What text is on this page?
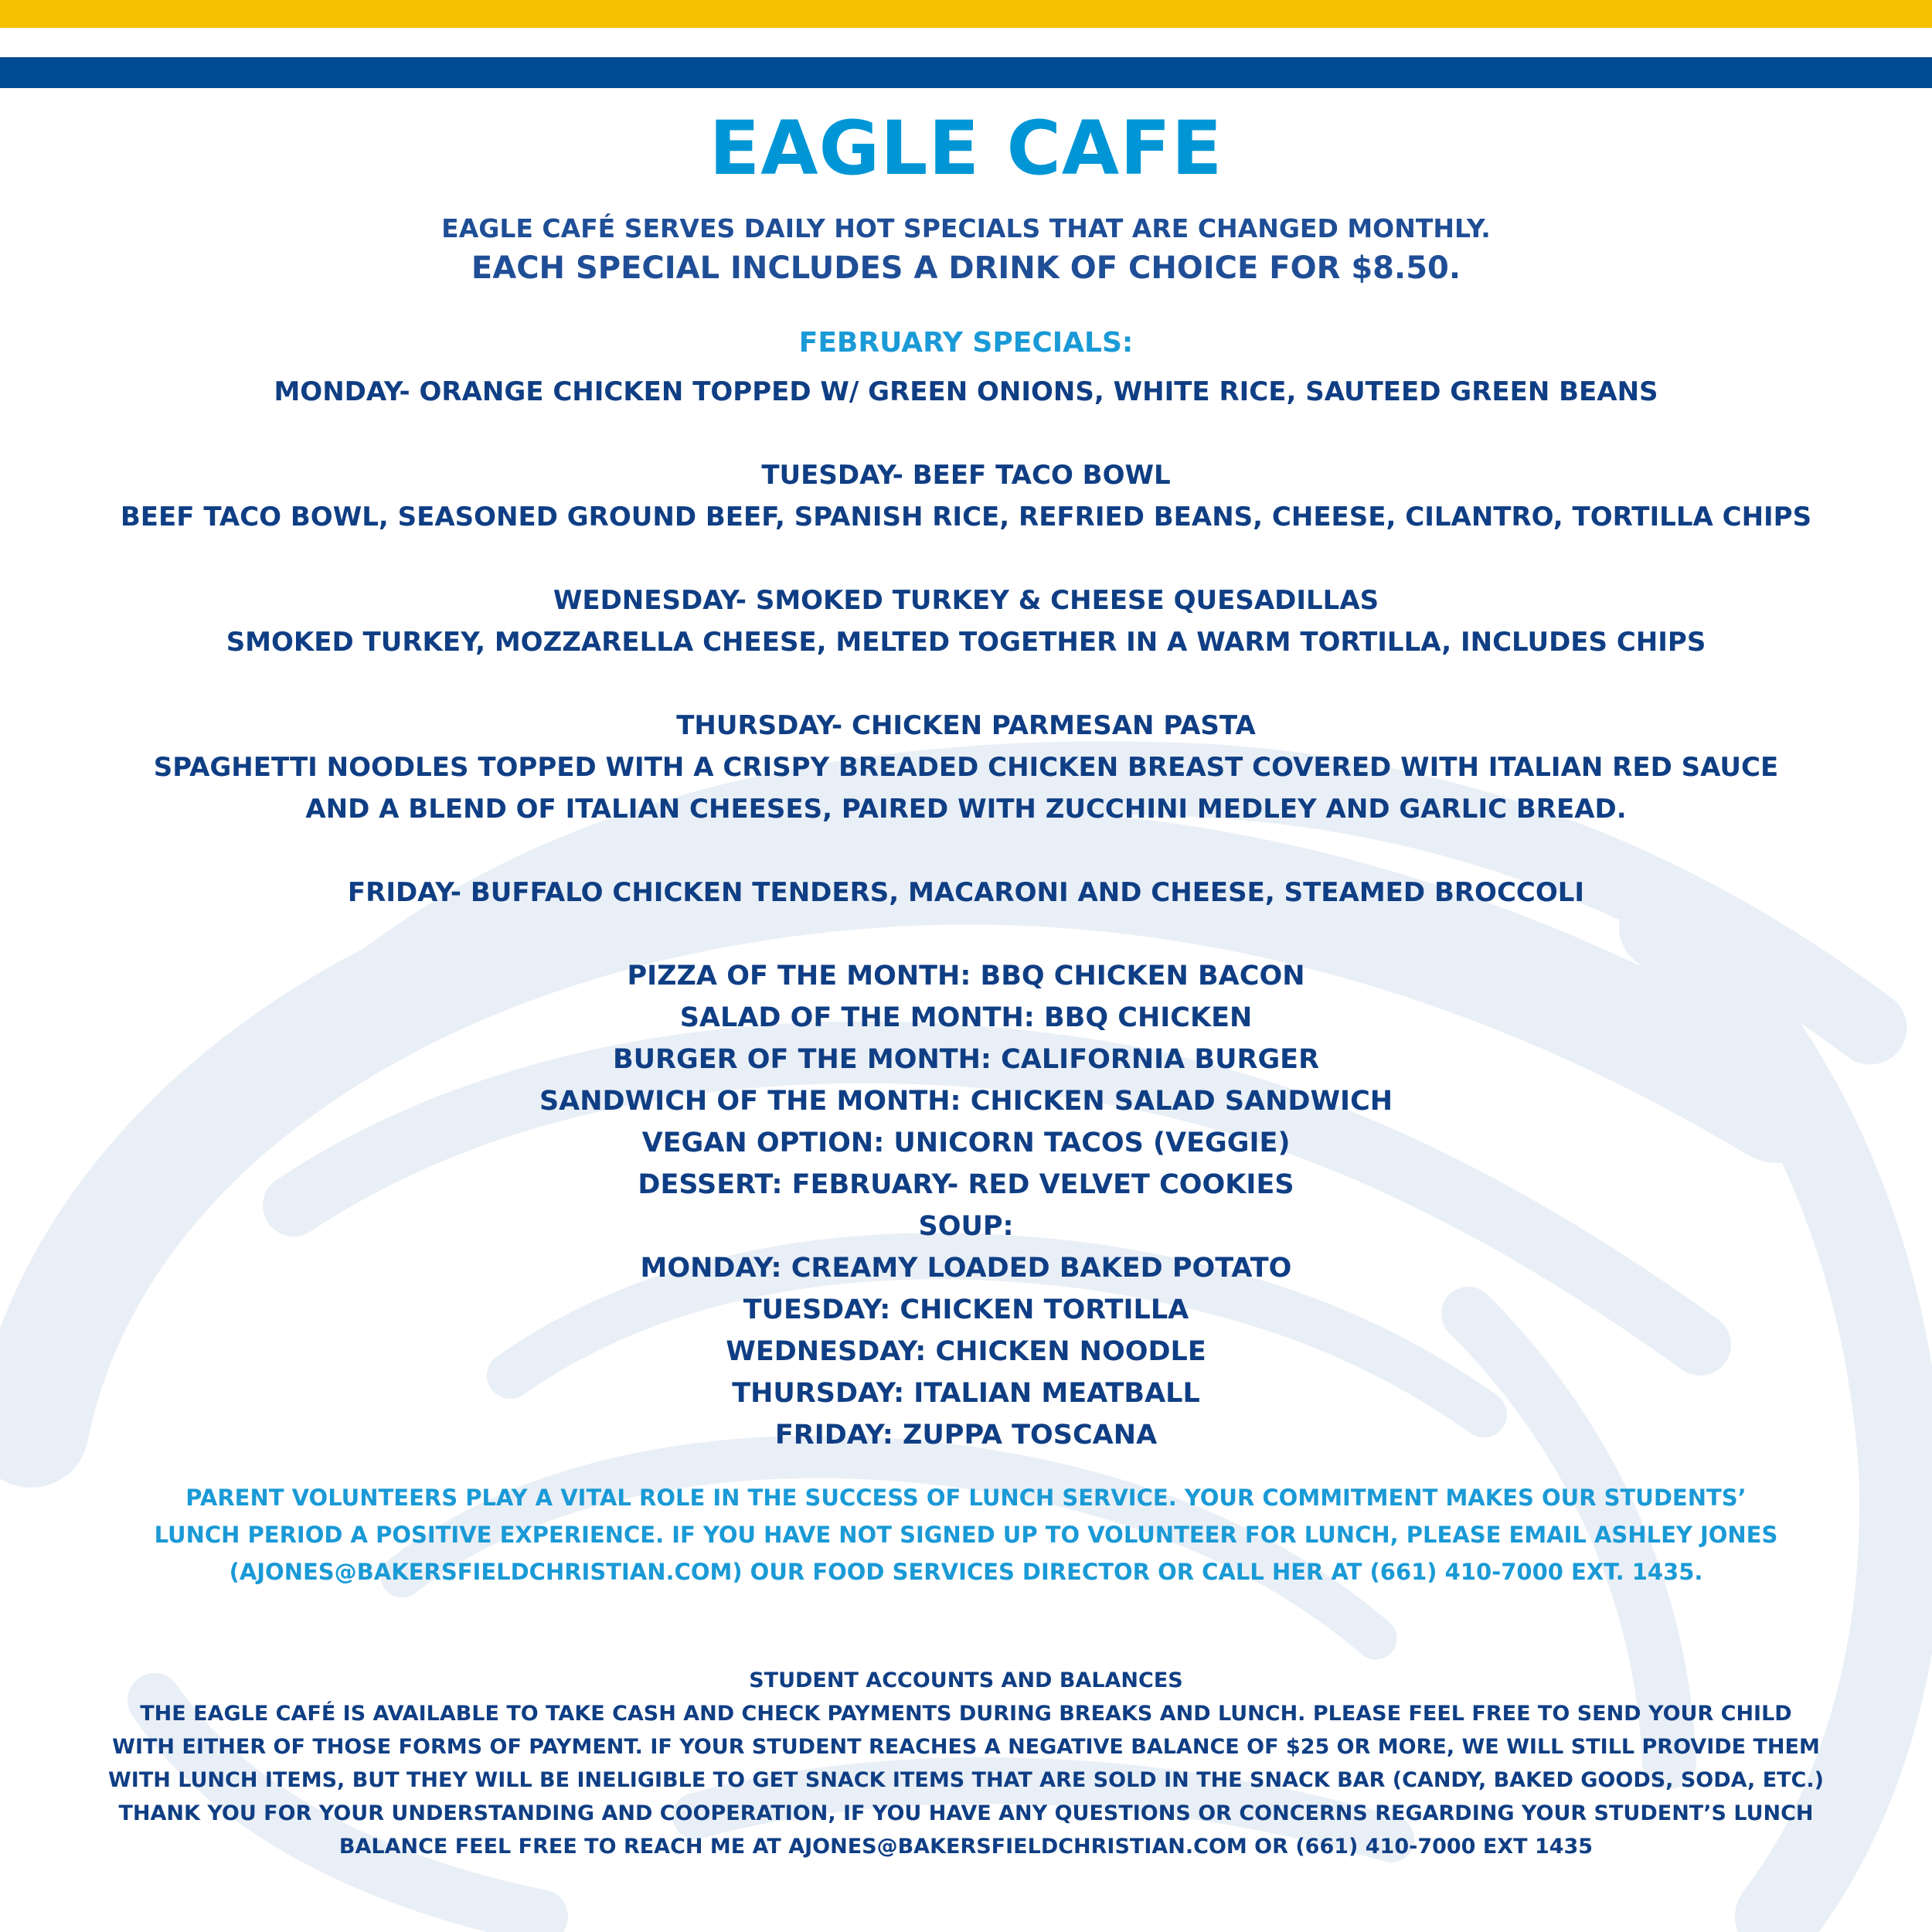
EAGLE CAFE
EAGLE CAFÉ SERVES DAILY HOT SPECIALS THAT ARE CHANGED MONTHLY.
EACH SPECIAL INCLUDES A DRINK OF CHOICE FOR $8.50.
FEBRUARY SPECIALS:
MONDAY- ORANGE CHICKEN TOPPED W/ GREEN ONIONS, WHITE RICE, SAUTEED GREEN BEANS
TUESDAY- BEEF TACO BOWL
BEEF TACO BOWL, SEASONED GROUND BEEF, SPANISH RICE, REFRIED BEANS, CHEESE, CILANTRO, TORTILLA CHIPS
WEDNESDAY- SMOKED TURKEY & CHEESE QUESADILLAS
SMOKED TURKEY, MOZZARELLA CHEESE, MELTED TOGETHER IN A WARM TORTILLA, INCLUDES CHIPS
THURSDAY- CHICKEN PARMESAN PASTA
SPAGHETTI NOODLES TOPPED WITH A CRISPY BREADED CHICKEN BREAST COVERED WITH ITALIAN RED SAUCE
AND A BLEND OF ITALIAN CHEESES, PAIRED WITH ZUCCHINI MEDLEY AND GARLIC BREAD.
FRIDAY- BUFFALO CHICKEN TENDERS, MACARONI AND CHEESE, STEAMED BROCCOLI
PIZZA OF THE MONTH: BBQ CHICKEN BACON
SALAD OF THE MONTH: BBQ CHICKEN
BURGER OF THE MONTH: CALIFORNIA BURGER
SANDWICH OF THE MONTH: CHICKEN SALAD SANDWICH
VEGAN OPTION: UNICORN TACOS (VEGGIE)
DESSERT: FEBRUARY- RED VELVET COOKIES
SOUP:
MONDAY: CREAMY LOADED BAKED POTATO
TUESDAY: CHICKEN TORTILLA
WEDNESDAY: CHICKEN NOODLE
THURSDAY: ITALIAN MEATBALL
FRIDAY: ZUPPA TOSCANA
PARENT VOLUNTEERS PLAY A VITAL ROLE IN THE SUCCESS OF LUNCH SERVICE. YOUR COMMITMENT MAKES OUR STUDENTS’
LUNCH PERIOD A POSITIVE EXPERIENCE. IF YOU HAVE NOT SIGNED UP TO VOLUNTEER FOR LUNCH, PLEASE EMAIL ASHLEY JONES
(AJONES@BAKERSFIELDCHRISTIAN.COM) OUR FOOD SERVICES DIRECTOR OR CALL HER AT (661) 410-7000 EXT. 1435.
STUDENT ACCOUNTS AND BALANCES
THE EAGLE CAFÉ IS AVAILABLE TO TAKE CASH AND CHECK PAYMENTS DURING BREAKS AND LUNCH. PLEASE FEEL FREE TO SEND YOUR CHILD
WITH EITHER OF THOSE FORMS OF PAYMENT. IF YOUR STUDENT REACHES A NEGATIVE BALANCE OF $25 OR MORE, WE WILL STILL PROVIDE THEM
WITH LUNCH ITEMS, BUT THEY WILL BE INELIGIBLE TO GET SNACK ITEMS THAT ARE SOLD IN THE SNACK BAR (CANDY, BAKED GOODS, SODA, ETC.)
THANK YOU FOR YOUR UNDERSTANDING AND COOPERATION, IF YOU HAVE ANY QUESTIONS OR CONCERNS REGARDING YOUR STUDENT’S LUNCH
BALANCE FEEL FREE TO REACH ME AT AJONES@BAKERSFIELDCHRISTIAN.COM OR (661) 410-7000 EXT 1435
